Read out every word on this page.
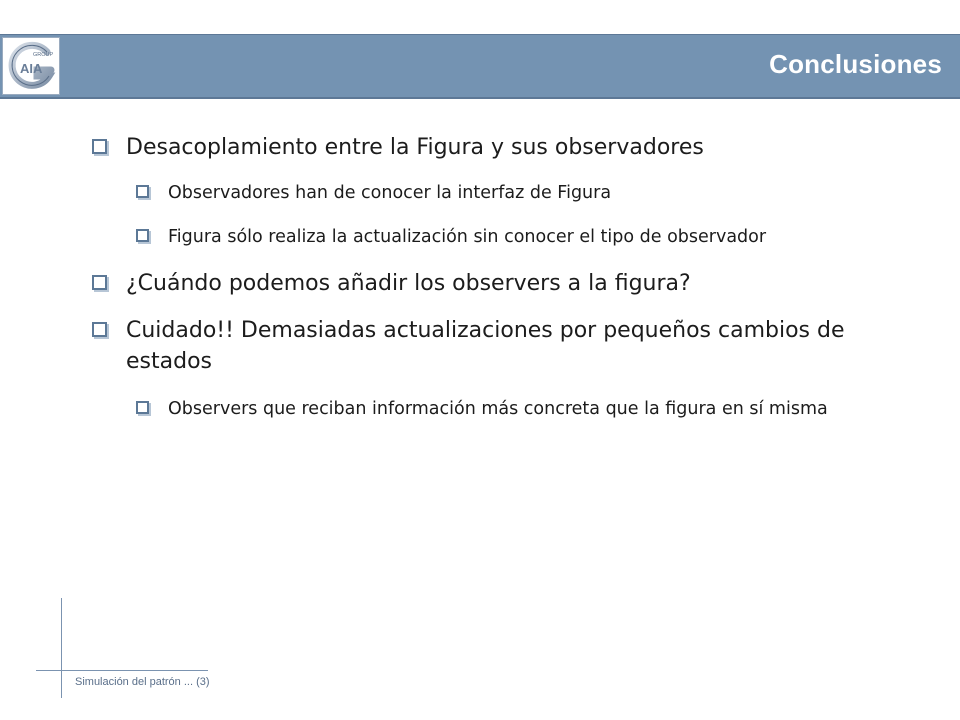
GROUP
AIA	Conclusiones
Desacoplamiento entre la Figura y sus observadores
Observadores han de conocer la interfaz de Figura
Figura sólo realiza la actualización sin conocer el tipo de observador
¿Cuándo podemos añadir los observers a la figura?
Cuidado!! Demasiadas actualizaciones por pequeños cambios de estados
Observers que reciban información más concreta que la figura en sí misma
Simulación del patrón ... (3)
